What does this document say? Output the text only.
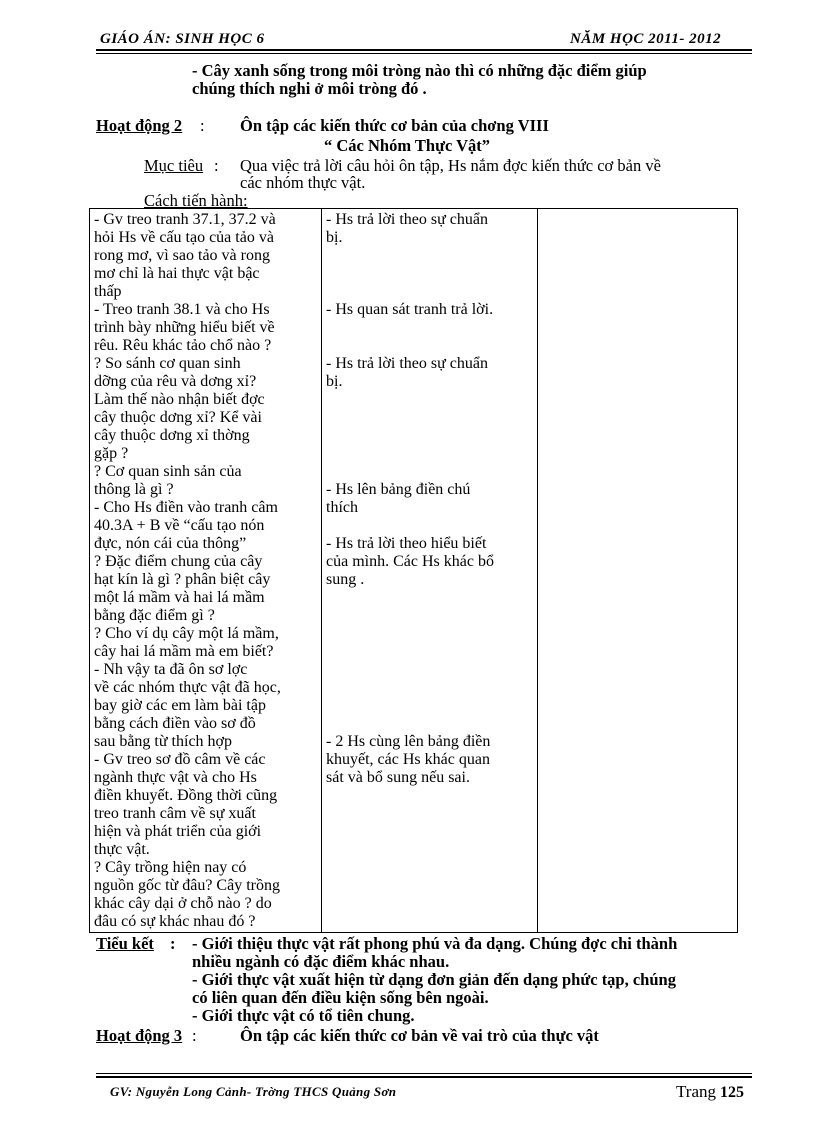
GIÁO ÁN: SINH HỌC 6	NĂM HỌC 2011- 2012
- Cây xanh sống trong môi tròng nào thì có những đặc điểm giúp
chúng thích nghi ở môi tròng đó .
Hoạt động 2 : Ôn tập các kiến thức cơ bản của chơng VIII
“ Các Nhóm Thực Vật”
Mục tiêu : Qua việc trả lời câu hỏi ôn tập, Hs nắm đợc kiến thức cơ bản về
các nhóm thực vật.
Cách tiến hành:
- Gv treo tranh 37.1, 37.2 và
hỏi Hs về cấu tạo của tảo và
rong mơ, vì sao tảo và rong
mơ chỉ là hai thực vật bậc
thấp
- Treo tranh 38.1 và cho Hs
trình bày những hiểu biết về
rêu. Rêu khác tảo chổ nào ?
? So sánh cơ quan sinh
dỡng của rêu và dơng xỉ?
Làm thế nào nhận biết đợc
cây thuộc dơng xỉ? Kể vài
cây thuộc dơng xỉ thờng
gặp ?
? Cơ quan sinh sản của
thông là gì ?
- Cho Hs điền vào tranh câm
40.3A + B về “cấu tạo nón
đực, nón cái của thông”
? Đặc điểm chung của cây
hạt kín là gì ? phân biệt cây
một lá mầm và hai lá mầm
bằng đặc điểm gì ?
? Cho ví dụ cây một lá mầm,
cây hai lá mầm mà em biết?
- Nh vậy ta đã ôn sơ lợc
về các nhóm thực vật đã học,
bay giờ các em làm bài tập
bằng cách điền vào sơ đồ
sau bằng từ thích hợp
- Gv treo sơ đồ câm về các
ngành thực vật và cho Hs
điền khuyết. Đồng thời cũng
treo tranh câm về sự xuất
hiện và phát triển của giới
thực vật.
? Cây trồng hiện nay có
nguồn gốc từ đâu? Cây trồng
khác cây dại ở chỗ nào ? do
đâu có sự khác nhau đó ?

- Hs trả lời theo sự chuẩn
bị.
- Hs quan sát tranh trả lời.
- Hs trả lời theo sự chuẩn
bị.
- Hs lên bảng điền chú
thích
- Hs trả lời theo hiểu biết
của mình. Các Hs khác bổ
sung .
- 2 Hs cùng lên bảng điền
khuyết, các Hs khác quan
sát và bổ sung nếu sai.

Tiểu kết : - Giới thiệu thực vật rất phong phú và đa dạng. Chúng đợc chi thành
nhiều ngành có đặc điểm khác nhau.
- Giới thực vật xuất hiện từ dạng đơn giản đến dạng phức tạp, chúng
có liên quan đến điều kiện sống bên ngoài.
- Giới thực vật có tổ tiên chung.
Hoạt động 3 :	Ôn tập các kiến thức cơ bản về vai trò của thực vật
GV: Nguyễn Long Cảnh- Trờng THCS Quảng Sơn	Trang 125
